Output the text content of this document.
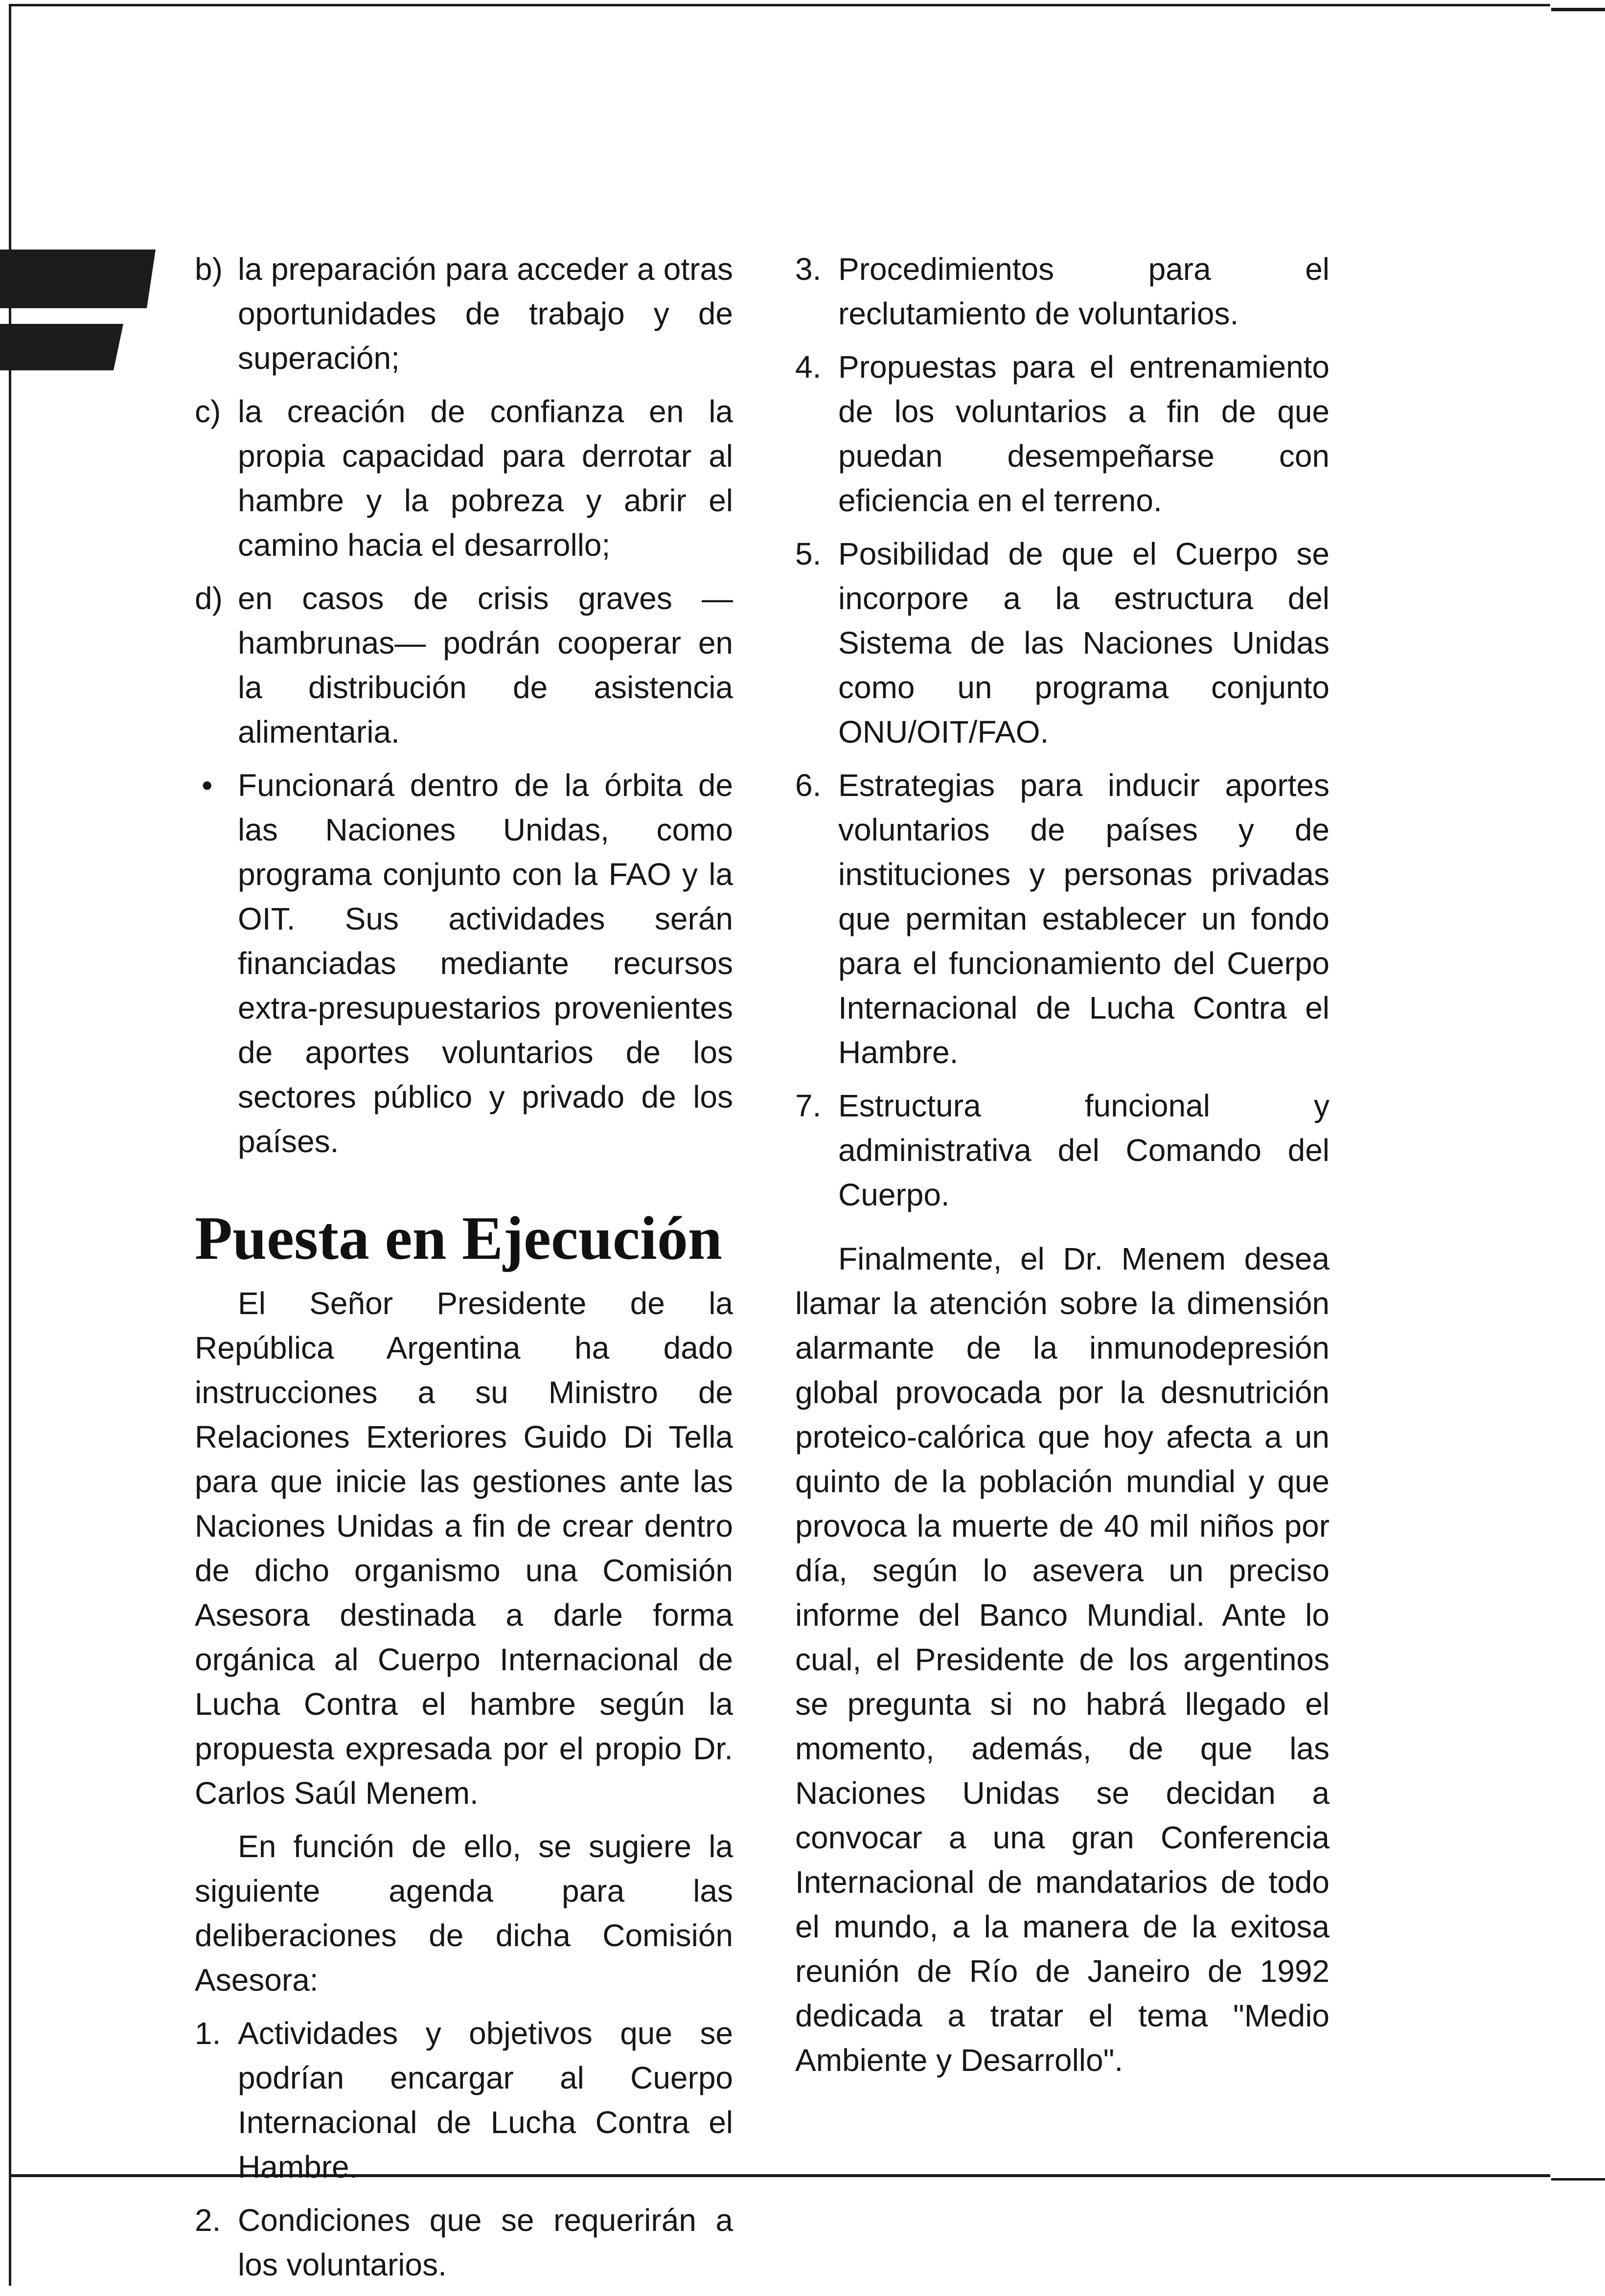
b) la preparación para acceder a otras oportunidades de trabajo y de superación;

c) la creación de confianza en la propia capacidad para derrotar al hambre y la pobreza y abrir el camino hacia el desarrollo;

d) en casos de crisis graves —hambrunas— podrán cooperar en la distribución de asistencia alimentaria.

• Funcionará dentro de la órbita de las Naciones Unidas, como programa conjunto con la FAO y la OIT. Sus actividades serán financiadas mediante recursos extra-presupuestarios provenientes de aportes voluntarios de los sectores público y privado de los países.

Puesta en Ejecución

El Señor Presidente de la República Argentina ha dado instrucciones a su Ministro de Relaciones Exteriores Guido Di Tella para que inicie las gestiones ante las Naciones Unidas a fin de crear dentro de dicho organismo una Comisión Asesora destinada a darle forma orgánica al Cuerpo Internacional de Lucha Contra el hambre según la propuesta expresada por el propio Dr. Carlos Saúl Menem.

En función de ello, se sugiere la siguiente agenda para las deliberaciones de dicha Comisión Asesora:

1. Actividades y objetivos que se podrían encargar al Cuerpo Internacional de Lucha Contra el Hambre.

2. Condiciones que se requerirán a los voluntarios.

3. Procedimientos para el reclutamiento de voluntarios.

4. Propuestas para el entrenamiento de los voluntarios a fin de que puedan desempeñarse con eficiencia en el terreno.

5. Posibilidad de que el Cuerpo se incorpore a la estructura del Sistema de las Naciones Unidas como un programa conjunto ONU/OIT/FAO.

6. Estrategias para inducir aportes voluntarios de países y de instituciones y personas privadas que permitan establecer un fondo para el funcionamiento del Cuerpo Internacional de Lucha Contra el Hambre.

7. Estructura funcional y administrativa del Comando del Cuerpo.

Finalmente, el Dr. Menem desea llamar la atención sobre la dimensión alarmante de la inmunodepresión global provocada por la desnutrición proteico-calórica que hoy afecta a un quinto de la población mundial y que provoca la muerte de 40 mil niños por día, según lo asevera un preciso informe del Banco Mundial. Ante lo cual, el Presidente de los argentinos se pregunta si no habrá llegado el momento, además, de que las Naciones Unidas se decidan a convocar a una gran Conferencia Internacional de mandatarios de todo el mundo, a la manera de la exitosa reunión de Río de Janeiro de 1992 dedicada a tratar el tema "Medio Ambiente y Desarrollo".
